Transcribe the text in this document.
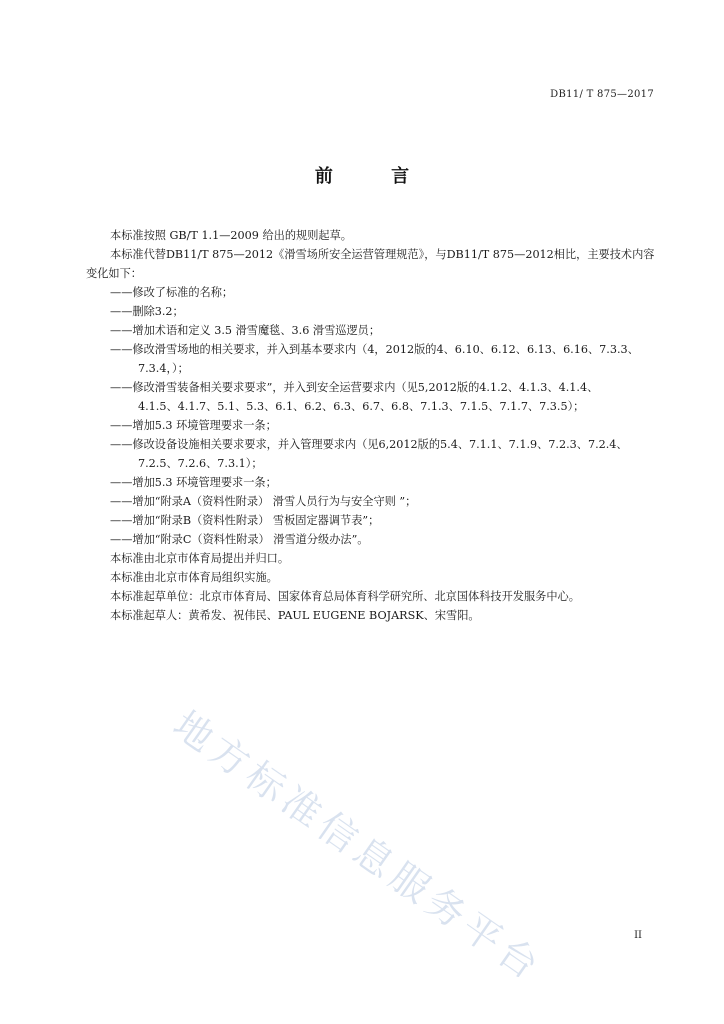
DB11/ T 875—2017
前 言

本标准按照 GB/T 1.1—2009 给出的规则起草。

本标准代替DB11/T 875—2012《滑雪场所安全运营管理规范》，与DB11/T 875—2012相比，主要技术内容变化如下：

——修改了标准的名称；

——删除3.2；

——增加术语和定义 3.5 滑雪魔毯、3.6 滑雪巡逻员；

——修改滑雪场地的相关要求，并入到基本要求内（4，2012版的4、6.10、6.12、6.13、6.16、7.3.3、

7.3.4，）；

——修改滑雪装备相关要求要求”，并入到安全运营要求内（见5,2012版的4.1.2、4.1.3、4.1.4、

4.1.5、4.1.7、5.1、5.3、6.1、6.2、6.3、6.7、6.8、7.1.3、7.1.5、7.1.7、7.3.5）；

——增加5.3 环境管理要求一条；

——修改设备设施相关要求要求，并入管理要求内（见6,2012版的5.4、7.1.1、7.1.9、7.2.3、7.2.4、

7.2.5、7.2.6、7.3.1）；

——增加5.3 环境管理要求一条；

——增加“附录A（资料性附录） 滑雪人员行为与安全守则 ”；

——增加“附录B（资料性附录） 雪板固定器调节表”；

——增加“附录C（资料性附录） 滑雪道分级办法”。

本标准由北京市体育局提出并归口。

本标准由北京市体育局组织实施。

本标准起草单位：北京市体育局、国家体育总局体育科学研究所、北京国体科技开发服务中心。

本标准起草人：黄希发、祝伟民、PAUL EUGENE BOJARSK、宋雪阳。

地方标准信息服务平台	II
